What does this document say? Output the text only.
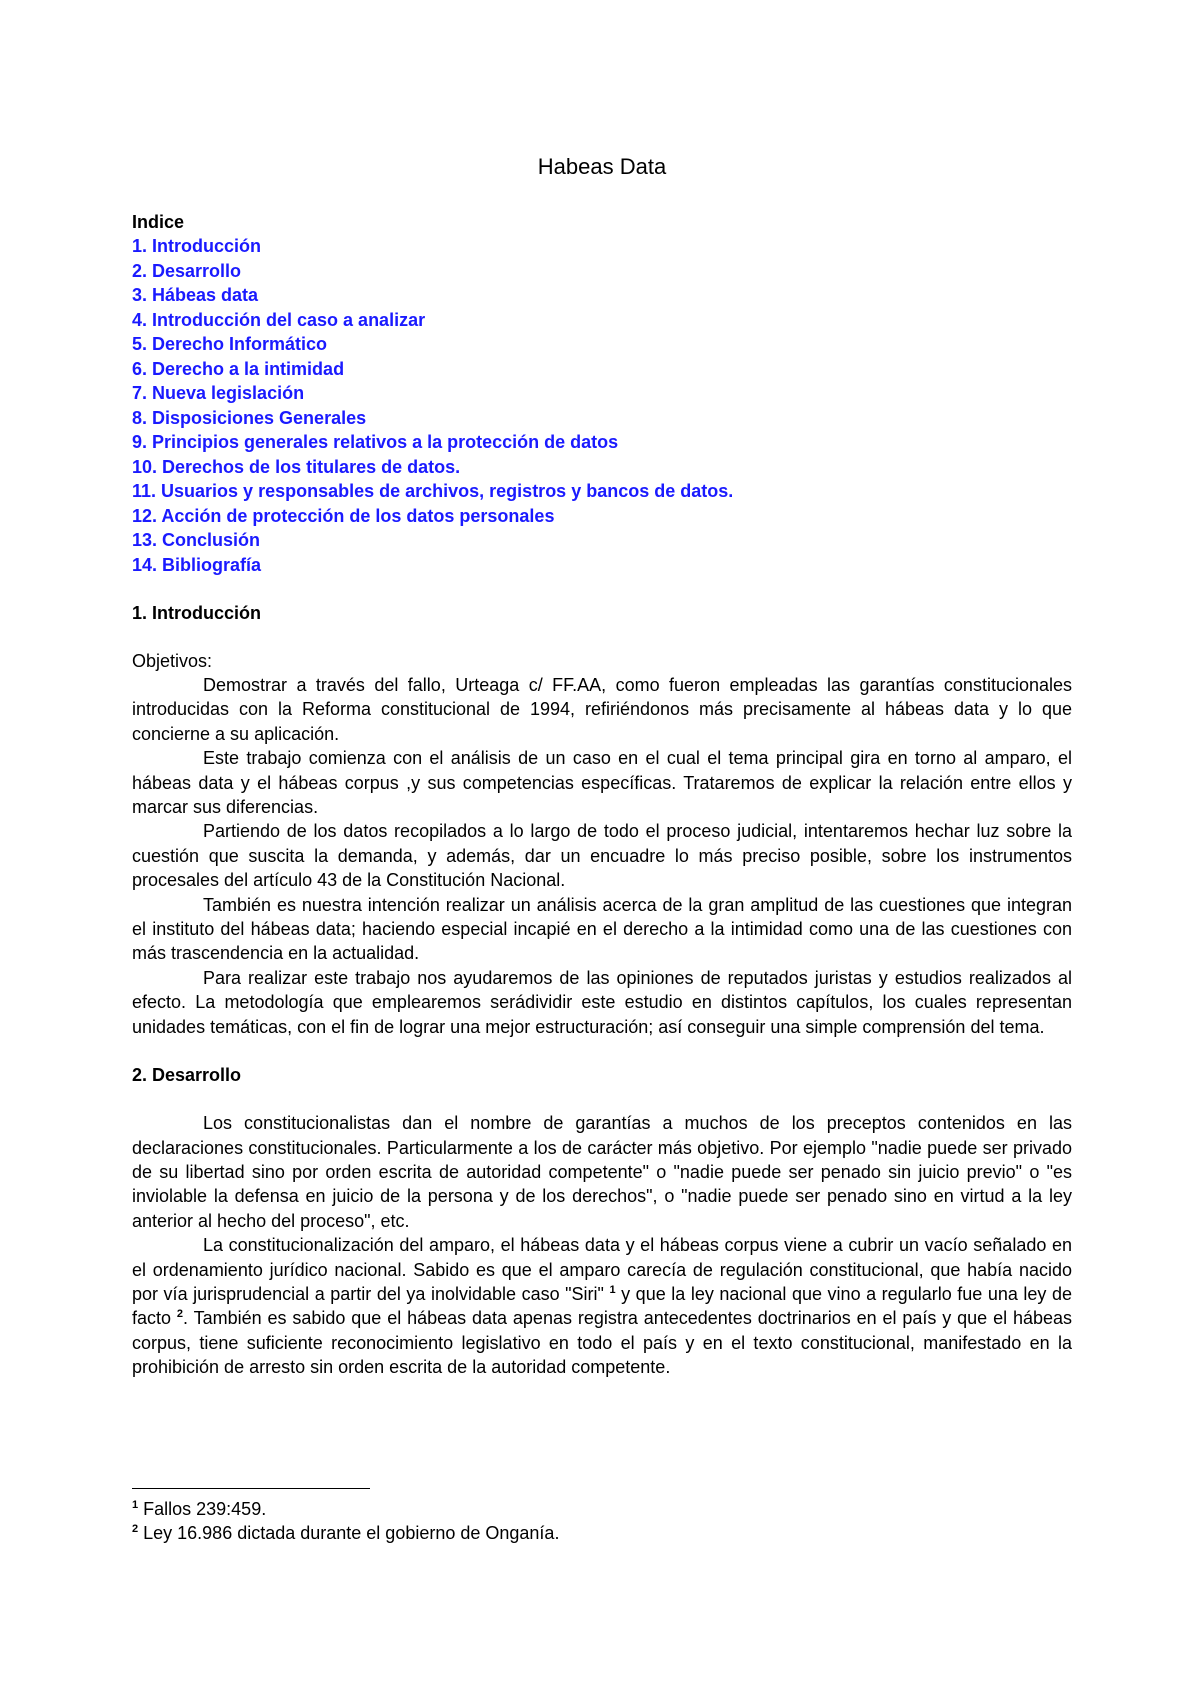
Habeas Data
Indice
1. Introducción
2. Desarrollo
3. Hábeas data
4. Introducción del caso a analizar
5. Derecho Informático
6. Derecho a la intimidad
7. Nueva legislación
8. Disposiciones Generales
9. Principios generales relativos a la protección de datos
10. Derechos de los titulares de datos.
11. Usuarios y responsables de archivos, registros y bancos de datos.
12. Acción de protección de los datos personales
13. Conclusión
14. Bibliografía
1. Introducción
Objetivos:

Demostrar a través del fallo, Urteaga c/ FF.AA, como fueron empleadas las garantías constitucionales introducidas con la Reforma constitucional de 1994, refiriéndonos más precisamente al hábeas data y lo que concierne a su aplicación.

Este trabajo comienza con el análisis de un caso en el cual el tema principal gira en torno al amparo, el hábeas data y el hábeas corpus ,y sus competencias específicas. Trataremos de explicar la relación entre ellos y marcar sus diferencias.

Partiendo de los datos recopilados a lo largo de todo el proceso judicial, intentaremos hechar luz sobre la cuestión que suscita la demanda, y además, dar un encuadre lo más preciso posible, sobre los instrumentos procesales del artículo 43 de la Constitución Nacional.

También es nuestra intención realizar un análisis acerca de la gran amplitud de las cuestiones que integran el instituto del hábeas data; haciendo especial incapié en el derecho a la intimidad como una de las cuestiones con más trascendencia en la actualidad.

Para realizar este trabajo nos ayudaremos de las opiniones de reputados juristas y estudios realizados al efecto. La metodología que emplearemos serádividir este estudio en distintos capítulos, los cuales representan unidades temáticas, con el fin de lograr una mejor estructuración; así conseguir una simple comprensión del tema.

2. Desarrollo

Los constitucionalistas dan el nombre de garantías a muchos de los preceptos contenidos en las declaraciones constitucionales. Particularmente a los de carácter más objetivo. Por ejemplo "nadie puede ser privado de su libertad sino por orden escrita de autoridad competente" o "nadie puede ser penado sin juicio previo" o "es inviolable la defensa en juicio de la persona y de los derechos", o "nadie puede ser penado sino en virtud a la ley anterior al hecho del proceso", etc.

La constitucionalización del amparo, el hábeas data y el hábeas corpus viene a cubrir un vacío señalado en el ordenamiento jurídico nacional. Sabido es que el amparo carecía de regulación constitucional, que había nacido por vía jurisprudencial a partir del ya inolvidable caso "Siri" $^1$ y que la ley nacional que vino a regularlo fue una ley de facto $^2$. También es sabido que el hábeas data apenas registra antecedentes doctrinarios en el país y que el hábeas corpus, tiene suficiente reconocimiento legislativo en todo el país y en el texto constitucional, manifestado en la prohibición de arresto sin orden escrita de la autoridad competente.

$^1$ Fallos 239:459.

$^2$ Ley 16.986 dictada durante el gobierno de Onganía.
